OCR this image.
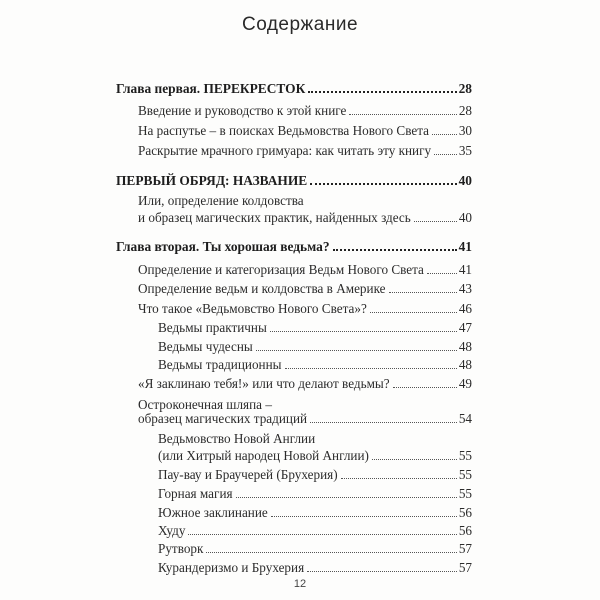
Содержание
Глава первая. ПЕРЕКРЕСТОК	28
Введение и руководство к этой книге	28
На распутье – в поисках Ведьмовства Нового Света 30
Раскрытие мрачного гримуара: как читать эту книгу 35
ПЕРВЫЙ ОБРЯД: НАЗВАНИЕ	40
Или, определение колдовства
и образец магических практик, найденных здесь	40
Глава вторая. Ты хорошая ведьма?	41
Определение и категоризация Ведьм Нового Света	41
Определение ведьм и колдовства в Америке	43
Что такое «Ведьмовство Нового Света»?	46
Ведьмы практичны	47
Ведьмы чудесны	48
Ведьмы традиционны	48
«Я заклинаю тебя!» или что делают ведьмы?	49
Остроконечная шляпа –
образец магических традиций	54
Ведьмовство Новой Англии
(или Хитрый народец Новой Англии)	55
Пау-вау и Браучерей (Брухерия)	55
Горная магия	55
Южное заклинание	56
Худу	56
Рутворк	57
Курандеризмо и Брухерия	57
12
